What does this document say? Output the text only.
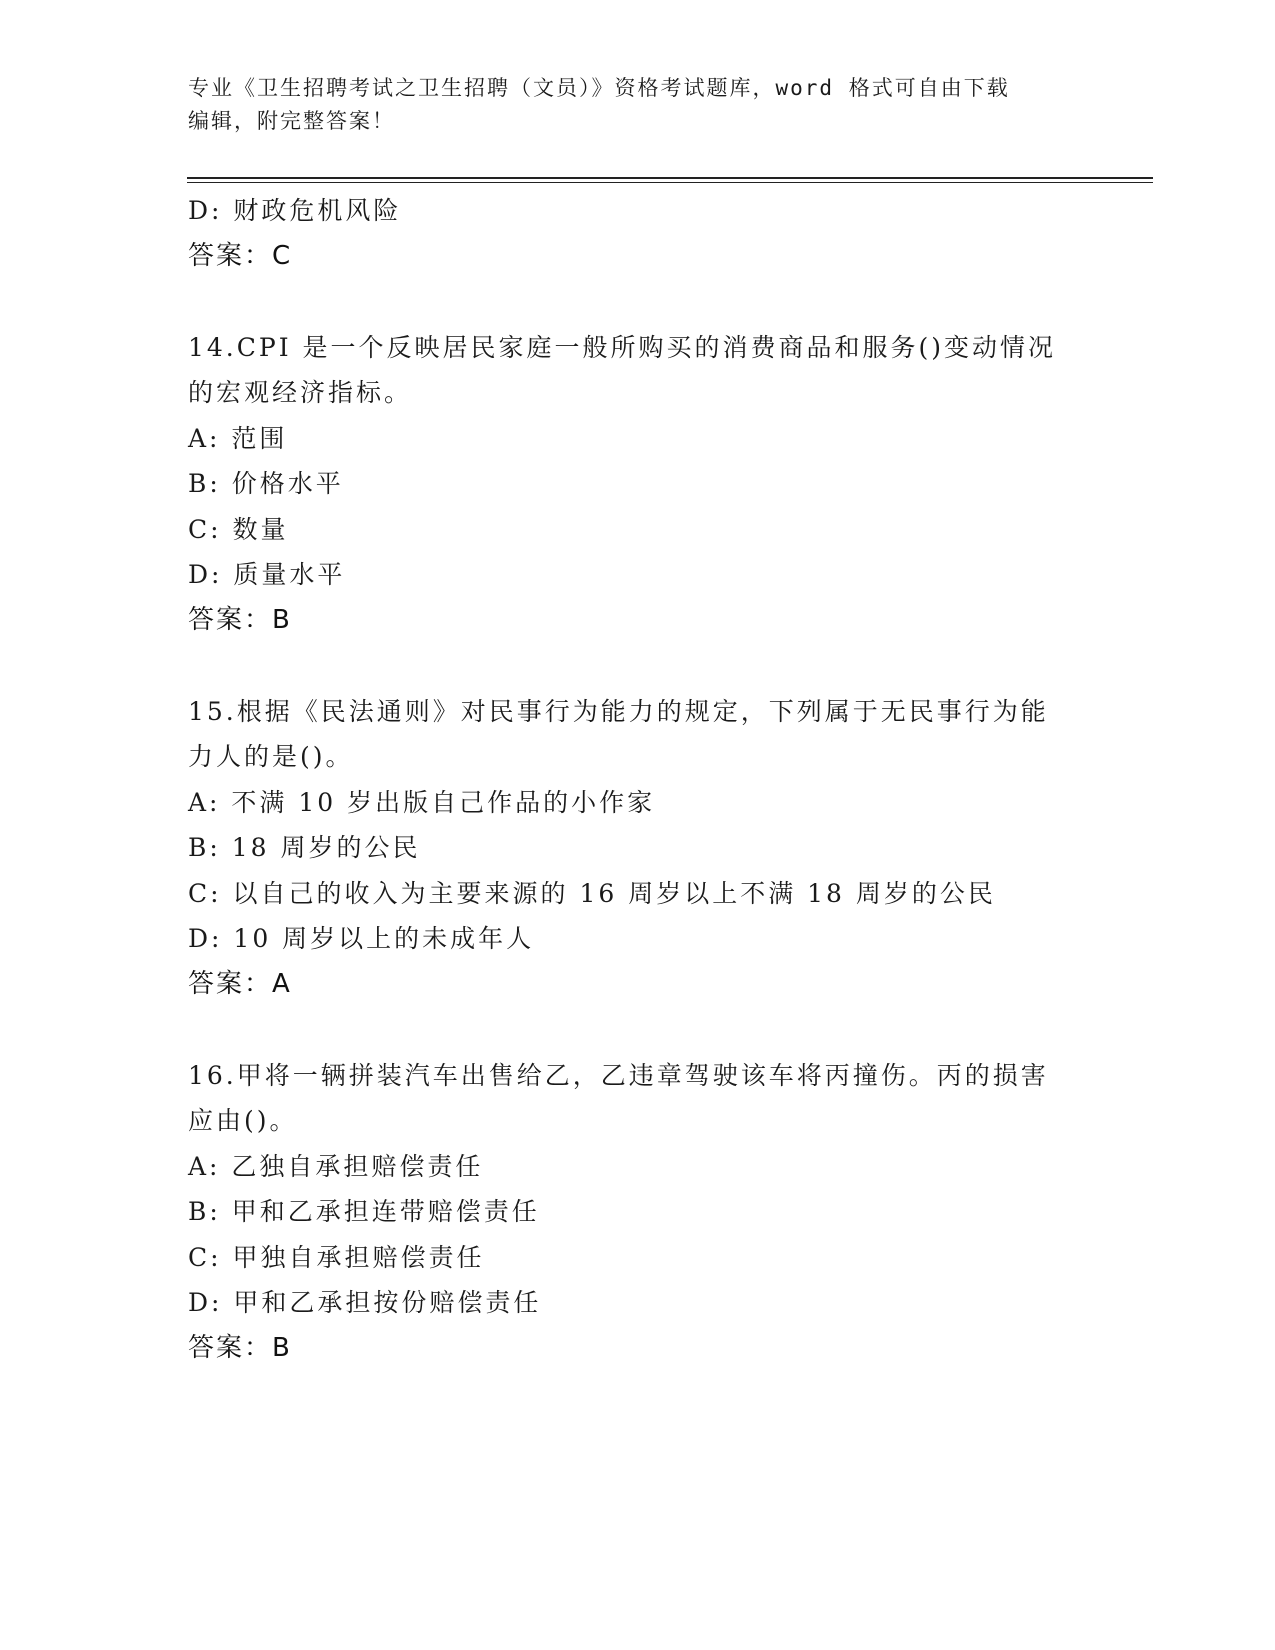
专业《卫生招聘考试之卫生招聘（文员）》资格考试题库，word 格式可自由下载
编辑，附完整答案！
D: 财政危机风险
答案：C
14.CPI 是一个反映居民家庭一般所购买的消费商品和服务()变动情况
的宏观经济指标。
A: 范围
B: 价格水平
C: 数量
D: 质量水平
答案：B
15.根据《民法通则》对民事行为能力的规定，下列属于无民事行为能
力人的是()。
A: 不满 10 岁出版自己作品的小作家
B: 18 周岁的公民
C: 以自己的收入为主要来源的 16 周岁以上不满 18 周岁的公民
D: 10 周岁以上的未成年人
答案：A
16.甲将一辆拼装汽车出售给乙，乙违章驾驶该车将丙撞伤。丙的损害
应由()。
A: 乙独自承担赔偿责任
B: 甲和乙承担连带赔偿责任
C: 甲独自承担赔偿责任
D: 甲和乙承担按份赔偿责任
答案：B
